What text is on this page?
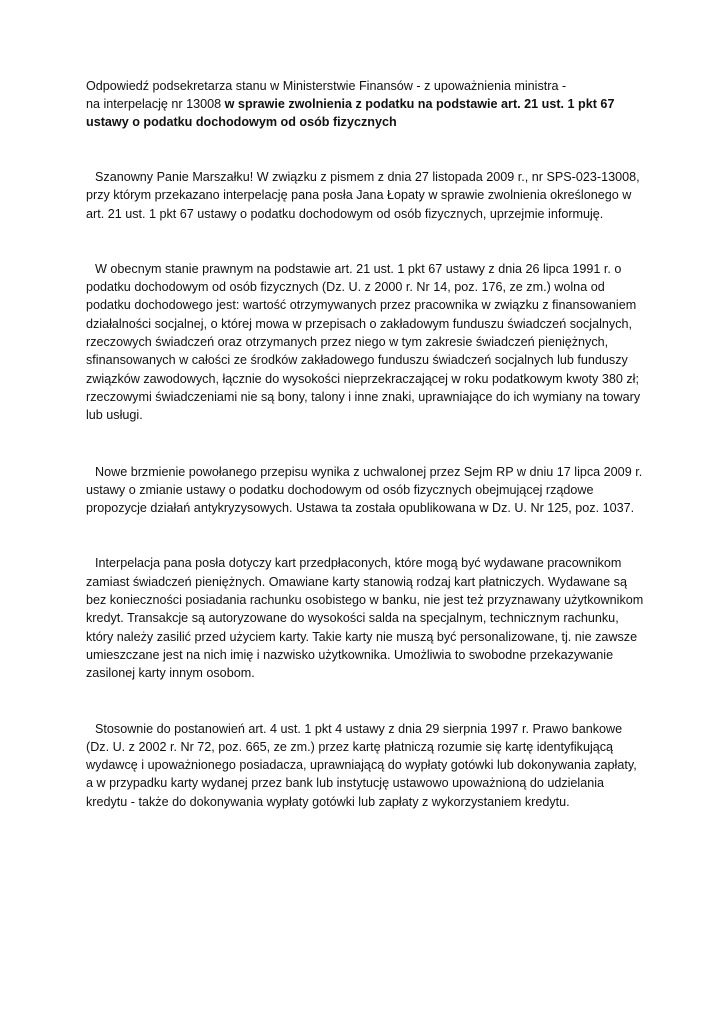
Odpowiedź podsekretarza stanu w Ministerstwie Finansów - z upoważnienia ministra -
na interpelację nr 13008 w sprawie zwolnienia z podatku na podstawie art. 21 ust. 1 pkt 67 ustawy o podatku dochodowym od osób fizycznych

Szanowny Panie Marszałku! W związku z pismem z dnia 27 listopada 2009 r., nr SPS-023-13008, przy którym przekazano interpelację pana posła Jana Łopaty w sprawie zwolnienia określonego w art. 21 ust. 1 pkt 67 ustawy o podatku dochodowym od osób fizycznych, uprzejmie informuję.

W obecnym stanie prawnym na podstawie art. 21 ust. 1 pkt 67 ustawy z dnia 26 lipca 1991 r. o podatku dochodowym od osób fizycznych (Dz. U. z 2000 r. Nr 14, poz. 176, ze zm.) wolna od podatku dochodowego jest: wartość otrzymywanych przez pracownika w związku z finansowaniem działalności socjalnej, o której mowa w przepisach o zakładowym funduszu świadczeń socjalnych, rzeczowych świadczeń oraz otrzymanych przez niego w tym zakresie świadczeń pieniężnych, sfinansowanych w całości ze środków zakładowego funduszu świadczeń socjalnych lub funduszy związków zawodowych, łącznie do wysokości nieprzekraczającej w roku podatkowym kwoty 380 zł; rzeczowymi świadczeniami nie są bony, talony i inne znaki, uprawniające do ich wymiany na towary lub usługi.

Nowe brzmienie powołanego przepisu wynika z uchwalonej przez Sejm RP w dniu 17 lipca 2009 r. ustawy o zmianie ustawy o podatku dochodowym od osób fizycznych obejmującej rządowe propozycje działań antykryzysowych. Ustawa ta została opublikowana w Dz. U. Nr 125, poz. 1037.

Interpelacja pana posła dotyczy kart przedpłaconych, które mogą być wydawane pracownikom zamiast świadczeń pieniężnych. Omawiane karty stanowią rodzaj kart płatniczych. Wydawane są bez konieczności posiadania rachunku osobistego w banku, nie jest też przyznawany użytkownikom kredyt. Transakcje są autoryzowane do wysokości salda na specjalnym, technicznym rachunku, który należy zasilić przed użyciem karty. Takie karty nie muszą być personalizowane, tj. nie zawsze umieszczane jest na nich imię i nazwisko użytkownika. Umożliwia to swobodne przekazywanie zasilonej karty innym osobom.

Stosownie do postanowień art. 4 ust. 1 pkt 4 ustawy z dnia 29 sierpnia 1997 r. Prawo bankowe (Dz. U. z 2002 r. Nr 72, poz. 665, ze zm.) przez kartę płatniczą rozumie się kartę identyfikującą wydawcę i upoważnionego posiadacza, uprawniającą do wypłaty gotówki lub dokonywania zapłaty, a w przypadku karty wydanej przez bank lub instytucję ustawowo upoważnioną do udzielania kredytu - także do dokonywania wypłaty gotówki lub zapłaty z wykorzystaniem kredytu.
